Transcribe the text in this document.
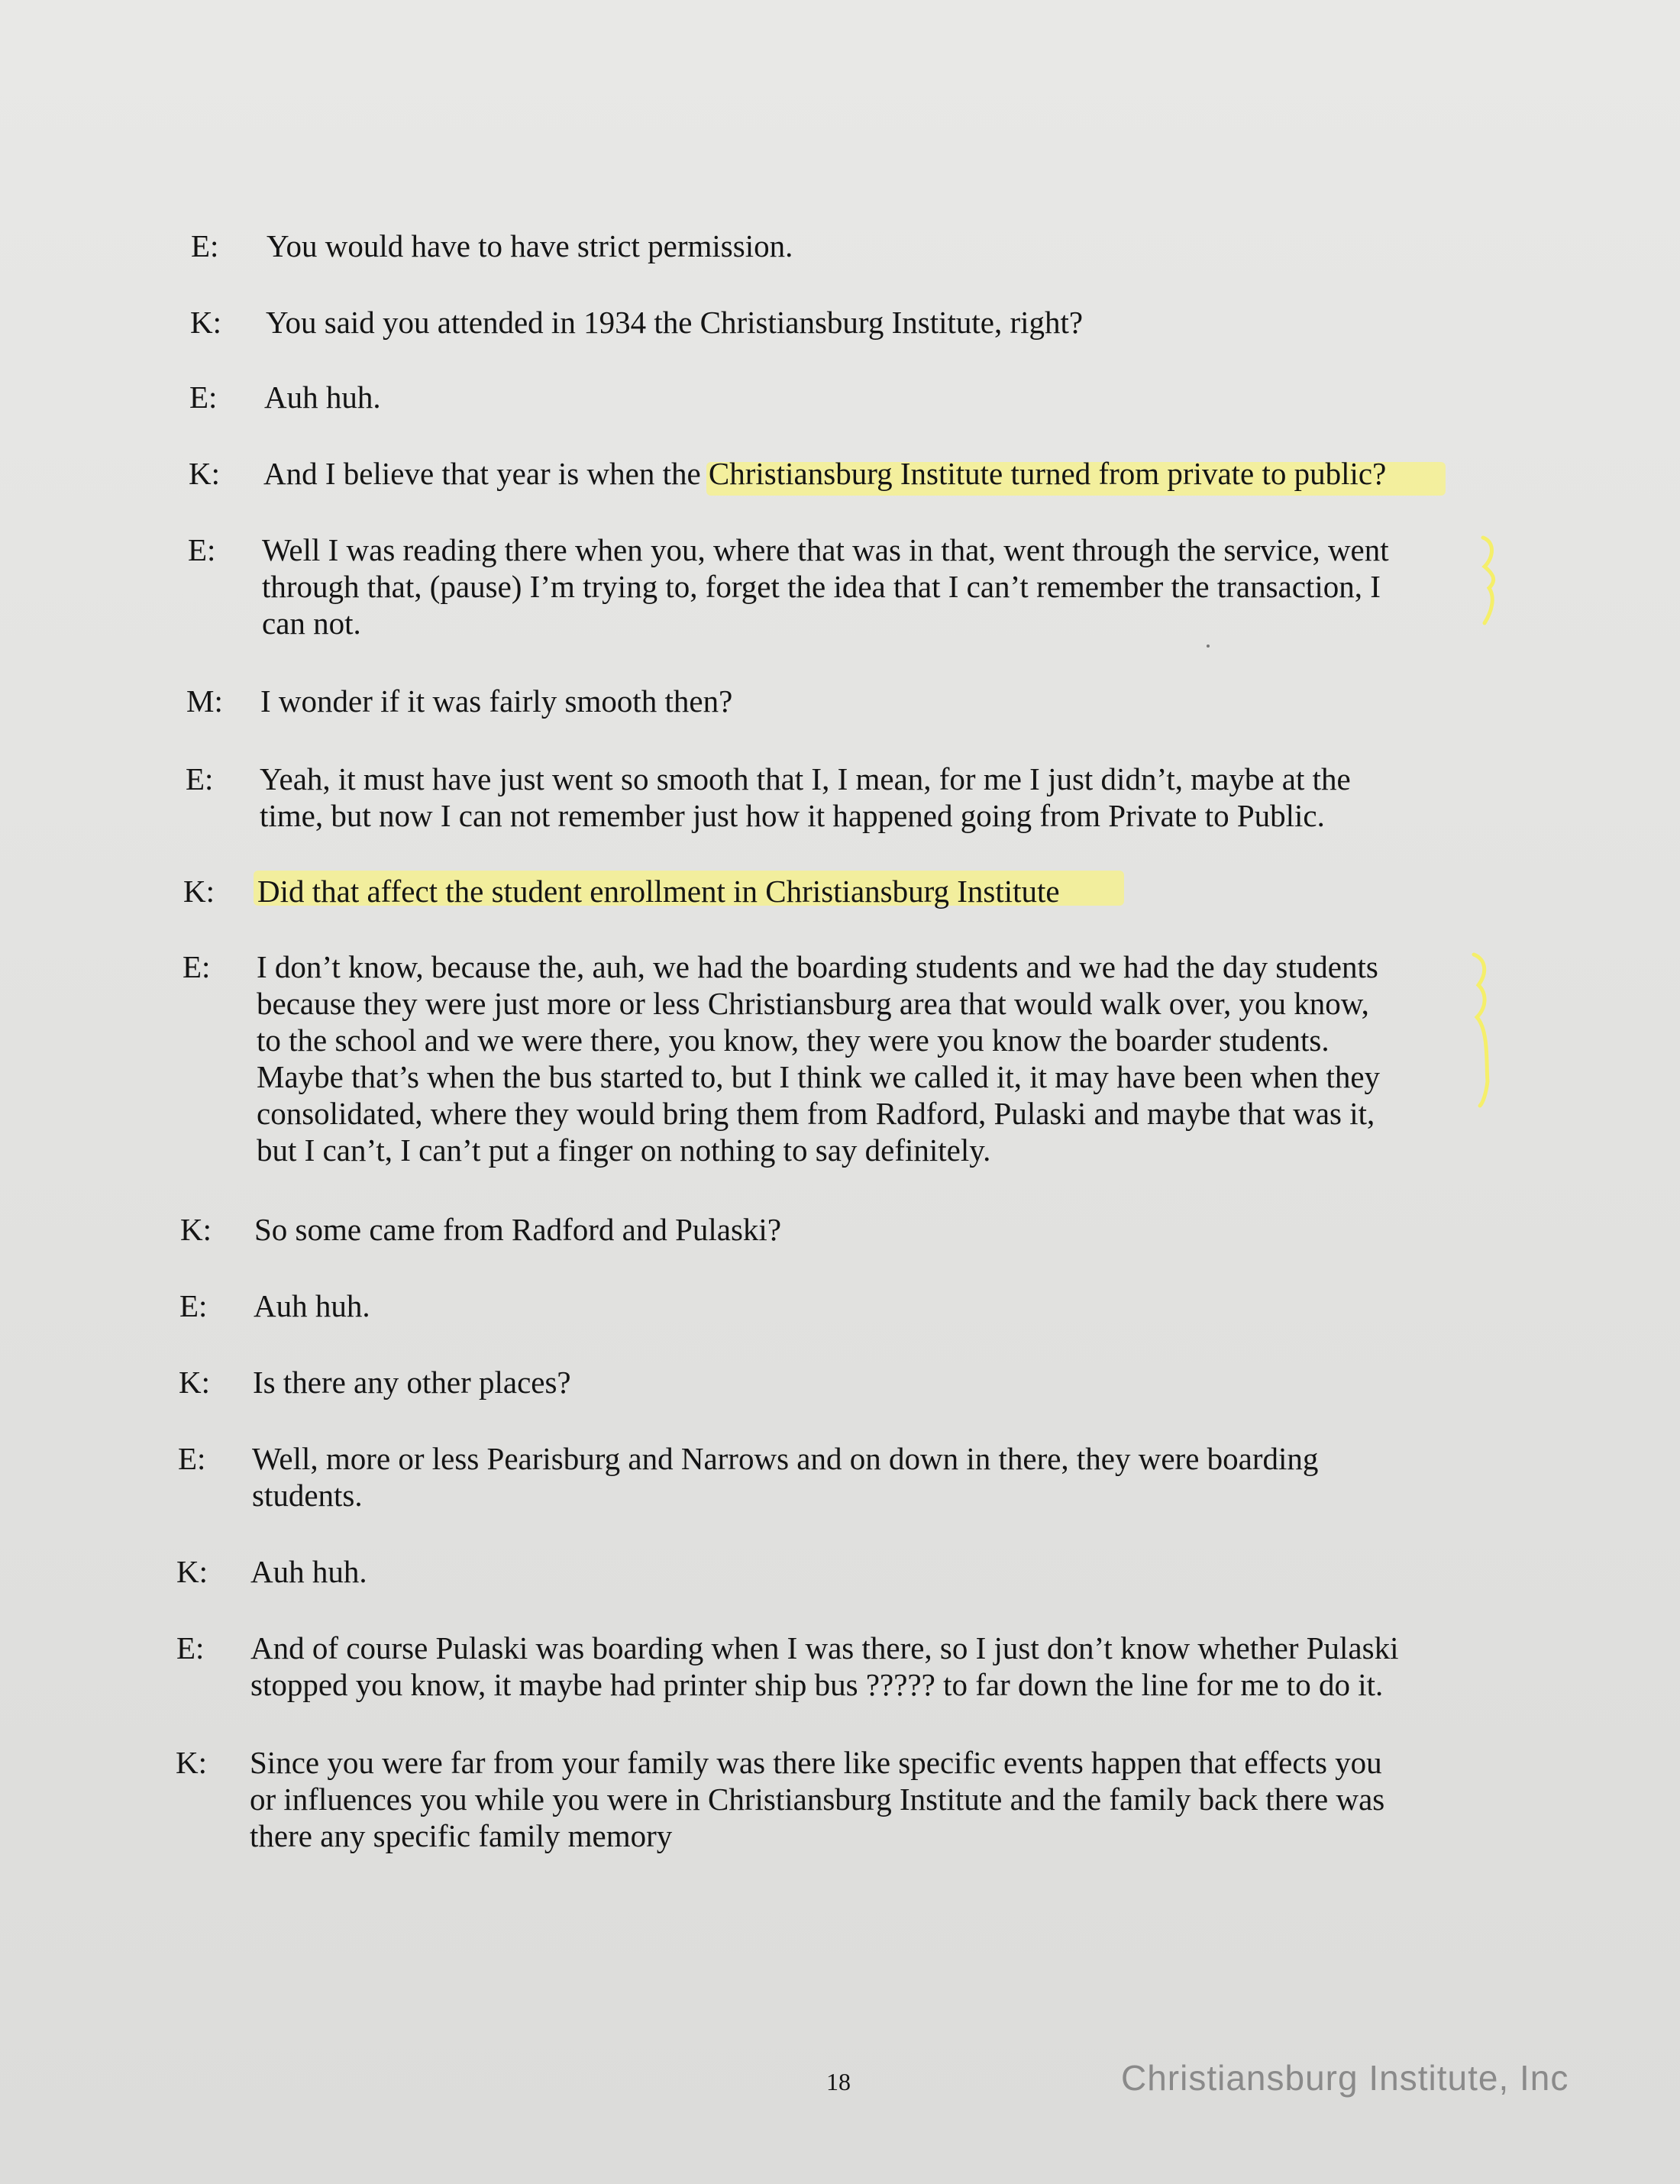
E:	You would have to have strict permission.
K:	You said you attended in 1934 the Christiansburg Institute, right?
E:	Auh huh.
K:	And I believe that year is when the Christiansburg Institute turned from private to public?
E:	Well I was reading there when you, where that was in that, went through the service, went
through that, (pause) I’m trying to, forget the idea that I can’t remember the transaction, I
can not.
M:	I wonder if it was fairly smooth then?
E:	Yeah, it must have just went so smooth that I, I mean, for me I just didn’t, maybe at the
time, but now I can not remember just how it happened going from Private to Public.
K:	Did that affect the student enrollment in Christiansburg Institute
E:	I don’t know, because the, auh, we had the boarding students and we had the day students
because they were just more or less Christiansburg area that would walk over, you know,
to the school and we were there, you know, they were you know the boarder students.
Maybe that’s when the bus started to, but I think we called it, it may have been when they
consolidated, where they would bring them from Radford, Pulaski and maybe that was it,
but I can’t, I can’t put a finger on nothing to say definitely.
K:	So some came from Radford and Pulaski?
E:	Auh huh.
K:	Is there any other places?
E:	Well, more or less Pearisburg and Narrows and on down in there, they were boarding
students.
K:	Auh huh.
E:	And of course Pulaski was boarding when I was there, so I just don’t know whether Pulaski
stopped you know, it maybe had printer ship bus ????? to far down the line for me to do it.
K:	Since you were far from your family was there like specific events happen that effects you
or influences you while you were in Christiansburg Institute and the family back there was
there any specific family memory
18	Christiansburg Institute, Inc
